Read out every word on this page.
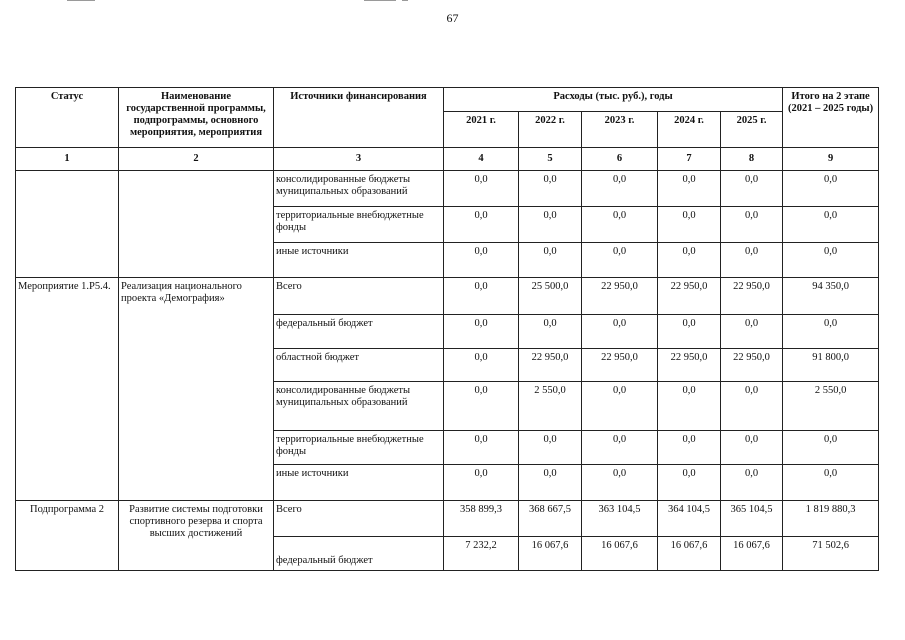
67
Статус	Наименование государственной программы, подпрограммы, основного мероприятия, мероприятия	Источники финансирования	Расходы (тыс. руб.), годы					Итого на 2 этапе (2021 – 2025 годы)
			2021 г.	2022 г.	2023 г.	2024 г.	2025 г.	
1	2	3	4	5	6	7	8	9
		консолидированные бюджеты муниципальных образований	0,0	0,0	0,0	0,0	0,0	0,0
		территориальные внебюджетные фонды	0,0	0,0	0,0	0,0	0,0	0,0
		иные источники	0,0	0,0	0,0	0,0	0,0	0,0
Мероприятие 1.Р5.4.	Реализация национального проекта «Демография»	Всего	0,0	25 500,0	22 950,0	22 950,0	22 950,0	94 350,0
		федеральный бюджет	0,0	0,0	0,0	0,0	0,0	0,0
		областной бюджет	0,0	22 950,0	22 950,0	22 950,0	22 950,0	91 800,0
		консолидированные бюджеты муниципальных образований	0,0	2 550,0	0,0	0,0	0,0	2 550,0
		территориальные внебюджетные фонды	0,0	0,0	0,0	0,0	0,0	0,0
		иные источники	0,0	0,0	0,0	0,0	0,0	0,0
Подпрограмма 2	Развитие системы подготовки спортивного резерва и спорта высших достижений	Всего	358 899,3	368 667,5	363 104,5	364 104,5	365 104,5	1 819 880,3
		федеральный бюджет	7 232,2	16 067,6	16 067,6	16 067,6	16 067,6	71 502,6
